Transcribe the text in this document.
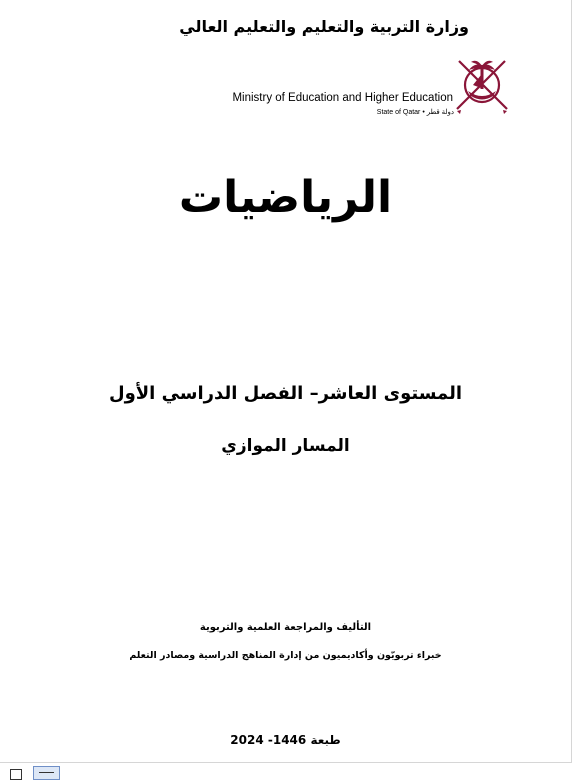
وزارة التربية والتعليم والتعليم العالي
Ministry of Education and Higher Education
State of Qatar • دولة قطر
الرياضيات
المستوى العاشر– الفصل الدراسي الأول
المسار الموازي
التأليف والمراجعة العلمية والتربوية
خبراء تربويّون وأكاديميون من إدارة المناهج الدراسية ومصادر التعلم
طبعة 1446- 2024
